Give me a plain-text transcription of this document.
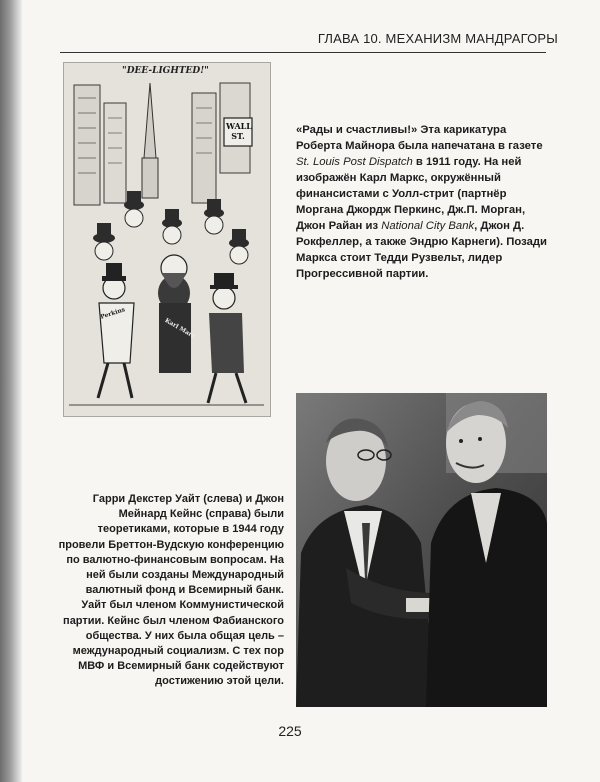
ГЛАВА 10. МЕХАНИЗМ МАНДРАГОРЫ
"DEE-LIGHTED!"
WALL ST.
Perkins
Karl Marx
«Рады и счастливы!» Эта карикатура Роберта Майнора была напечатана в газете St. Louis Post Dispatch в 1911 году. На ней изображён Карл Маркс, окружённый финансистами с Уолл-стрит (партнёр Моргана Джордж Перкинс, Дж.П. Морган, Джон Райан из National City Bank, Джон Д. Рокфеллер, а также Эндрю Карнеги). Позади Маркса стоит Тедди Рузвельт, лидер Прогрессивной партии.
Гарри Декстер Уайт (слева) и Джон Мейнард Кейнс (справа) были теоретиками, которые в 1944 году провели Бреттон-Вудскую конференцию по валютно-финансовым вопросам. На ней были созданы Международный валютный фонд и Всемирный банк. Уайт был членом Коммунистической партии. Кейнс был членом Фабианского общества. У них была общая цель – международный социализм. С тех пор МВФ и Всемирный банк содействуют достижению этой цели.
225
